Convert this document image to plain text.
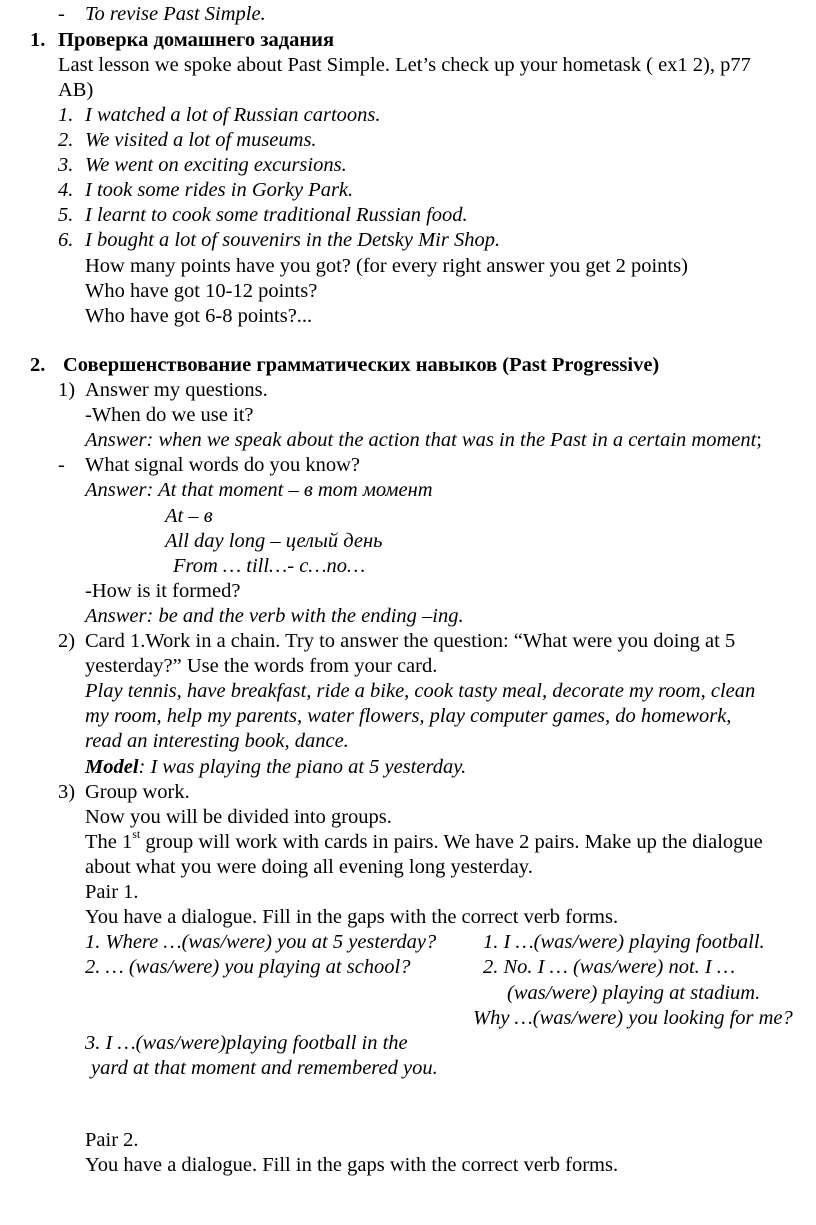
- To revise Past Simple.
1. Проверка домашнего задания
Last lesson we spoke about Past Simple. Let’s check up your hometask ( ex1 2), p77
AB)
1. I watched a lot of Russian cartoons.
2. We visited a lot of museums.
3. We went on exciting excursions.
4. I took some rides in Gorky Park.
5. I learnt to cook some traditional Russian food.
6. I bought a lot of souvenirs in the Detsky Mir Shop.
How many points have you got? (for every right answer you get 2 points)
Who have got 10-12 points?
Who have got 6-8 points?...
2. Совершенствование грамматических навыков (Past Progressive)
1) Answer my questions.
-When do we use it?
Answer: when we speak about the action that was in the Past in a certain moment;
- What signal words do you know?
Answer: At that moment – в тот момент
At – в
All day long – целый день
From … till…- с…по…
-How is it formed?
Answer: be and the verb with the ending –ing.
2) Card 1.Work in a chain. Try to answer the question: “What were you doing at 5
yesterday?” Use the words from your card.
Play tennis, have breakfast, ride a bike, cook tasty meal, decorate my room, clean
my room, help my parents, water flowers, play computer games, do homework,
read an interesting book, dance.
Model: I was playing the piano at 5 yesterday.
3) Group work.
Now you will be divided into groups.
The 1st group will work with cards in pairs. We have 2 pairs. Make up the dialogue
about what you were doing all evening long yesterday.
Pair 1.
You have a dialogue. Fill in the gaps with the correct verb forms.
1. Where …(was/were) you at 5 yesterday? 1. I …(was/were) playing football.
2. … (was/were) you playing at school?	2. No. I … (was/were) not. I …
(was/were) playing at stadium.
Why …(was/were) you looking for me?
3. I …(was/were)playing football in the
yard at that moment and remembered you.
Pair 2.
You have a dialogue. Fill in the gaps with the correct verb forms.
